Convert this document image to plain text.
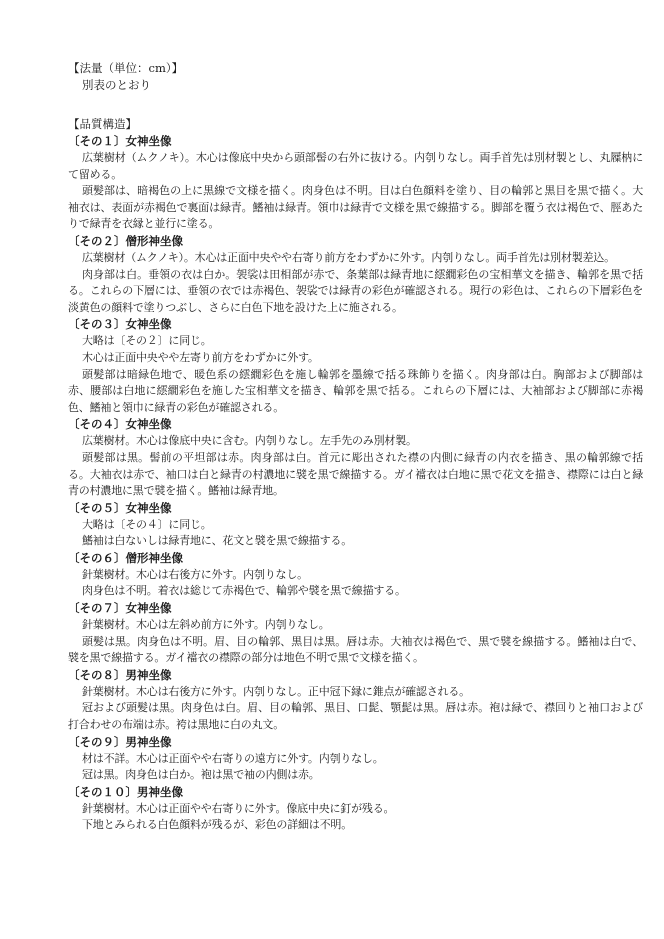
【法量（単位：cm）】

別表のとおり

【品質構造】

〔その１〕女神坐像

広葉樹材（ムクノキ）。木心は像底中央から頭部髻の右外に抜ける。内刳りなし。両手首先は別材製とし、丸屧枘にて留める。

頭髪部は、暗褐色の上に黒線で文様を描く。肉身色は不明。目は白色顔料を塗り、目の輪郭と黒目を黒で描く。大袖衣は、表面が赤褐色で裏面は緑青。鰭袖は緑青。領巾は緑青で文様を黒で線描する。脚部を覆う衣は褐色で、脛あたりで緑青を衣縁と並行に塗る。

〔その２〕僧形神坐像

広葉樹材（ムクノキ）。木心は正面中央やや右寄り前方をわずかに外す。内刳りなし。両手首先は別材製差込。

肉身部は白。垂領の衣は白か。袈裟は田相部が赤で、条葉部は緑青地に繧繝彩色の宝相華文を描き、輪郭を黒で括る。これらの下層には、垂領の衣では赤褐色、袈裟では緑青の彩色が確認される。現行の彩色は、これらの下層彩色を淡黄色の顔料で塗りつぶし、さらに白色下地を設けた上に施される。

〔その３〕女神坐像

大略は〔その２〕に同じ。

木心は正面中央やや左寄り前方をわずかに外す。

頭髪部は暗緑色地で、暖色系の繧繝彩色を施し輪郭を墨線で括る珠飾りを描く。肉身部は白。胸部および脚部は赤、腰部は白地に繧繝彩色を施した宝相華文を描き、輪郭を黒で括る。これらの下層には、大袖部および脚部に赤褐色、鰭袖と領巾に緑青の彩色が確認される。

〔その４〕女神坐像

広葉樹材。木心は像底中央に含む。内刳りなし。左手先のみ別材製。

頭髪部は黒。髻前の平坦部は赤。肉身部は白。首元に彫出された襟の内側に緑青の内衣を描き、黒の輪郭線で括る。大袖衣は赤で、袖口は白と緑青の村濃地に襞を黒で線描する。ガイ襠衣は白地に黒で花文を描き、襟際には白と緑青の村濃地に黒で襞を描く。鰭袖は緑青地。

〔その５〕女神坐像

大略は〔その４〕に同じ。

鰭袖は白ないしは緑青地に、花文と襞を黒で線描する。

〔その６〕僧形神坐像

針葉樹材。木心は右後方に外す。内刳りなし。

肉身色は不明。着衣は総じて赤褐色で、輪郭や襞を黒で線描する。

〔その７〕女神坐像

針葉樹材。木心は左斜め前方に外す。内刳りなし。

頭髪は黒。肉身色は不明。眉、目の輪郭、黒目は黒。唇は赤。大袖衣は褐色で、黒で襞を線描する。鰭袖は白で、襞を黒で線描する。ガイ襠衣の襟際の部分は地色不明で黒で文様を描く。

〔その８〕男神坐像

針葉樹材。木心は右後方に外す。内刳りなし。正中冠下縁に錐点が確認される。

冠および頭髪は黒。肉身色は白。眉、目の輪郭、黒目、口髭、顎髭は黒。唇は赤。袍は緑で、襟回りと袖口および打合わせの布端は赤。袴は黒地に白の丸文。

〔その９〕男神坐像

材は不詳。木心は正面やや右寄りの遠方に外す。内刳りなし。

冠は黒。肉身色は白か。袍は黒で袖の内側は赤。

〔その１０〕男神坐像

針葉樹材。木心は正面やや右寄りに外す。像底中央に釘が残る。

下地とみられる白色顔料が残るが、彩色の詳細は不明。
